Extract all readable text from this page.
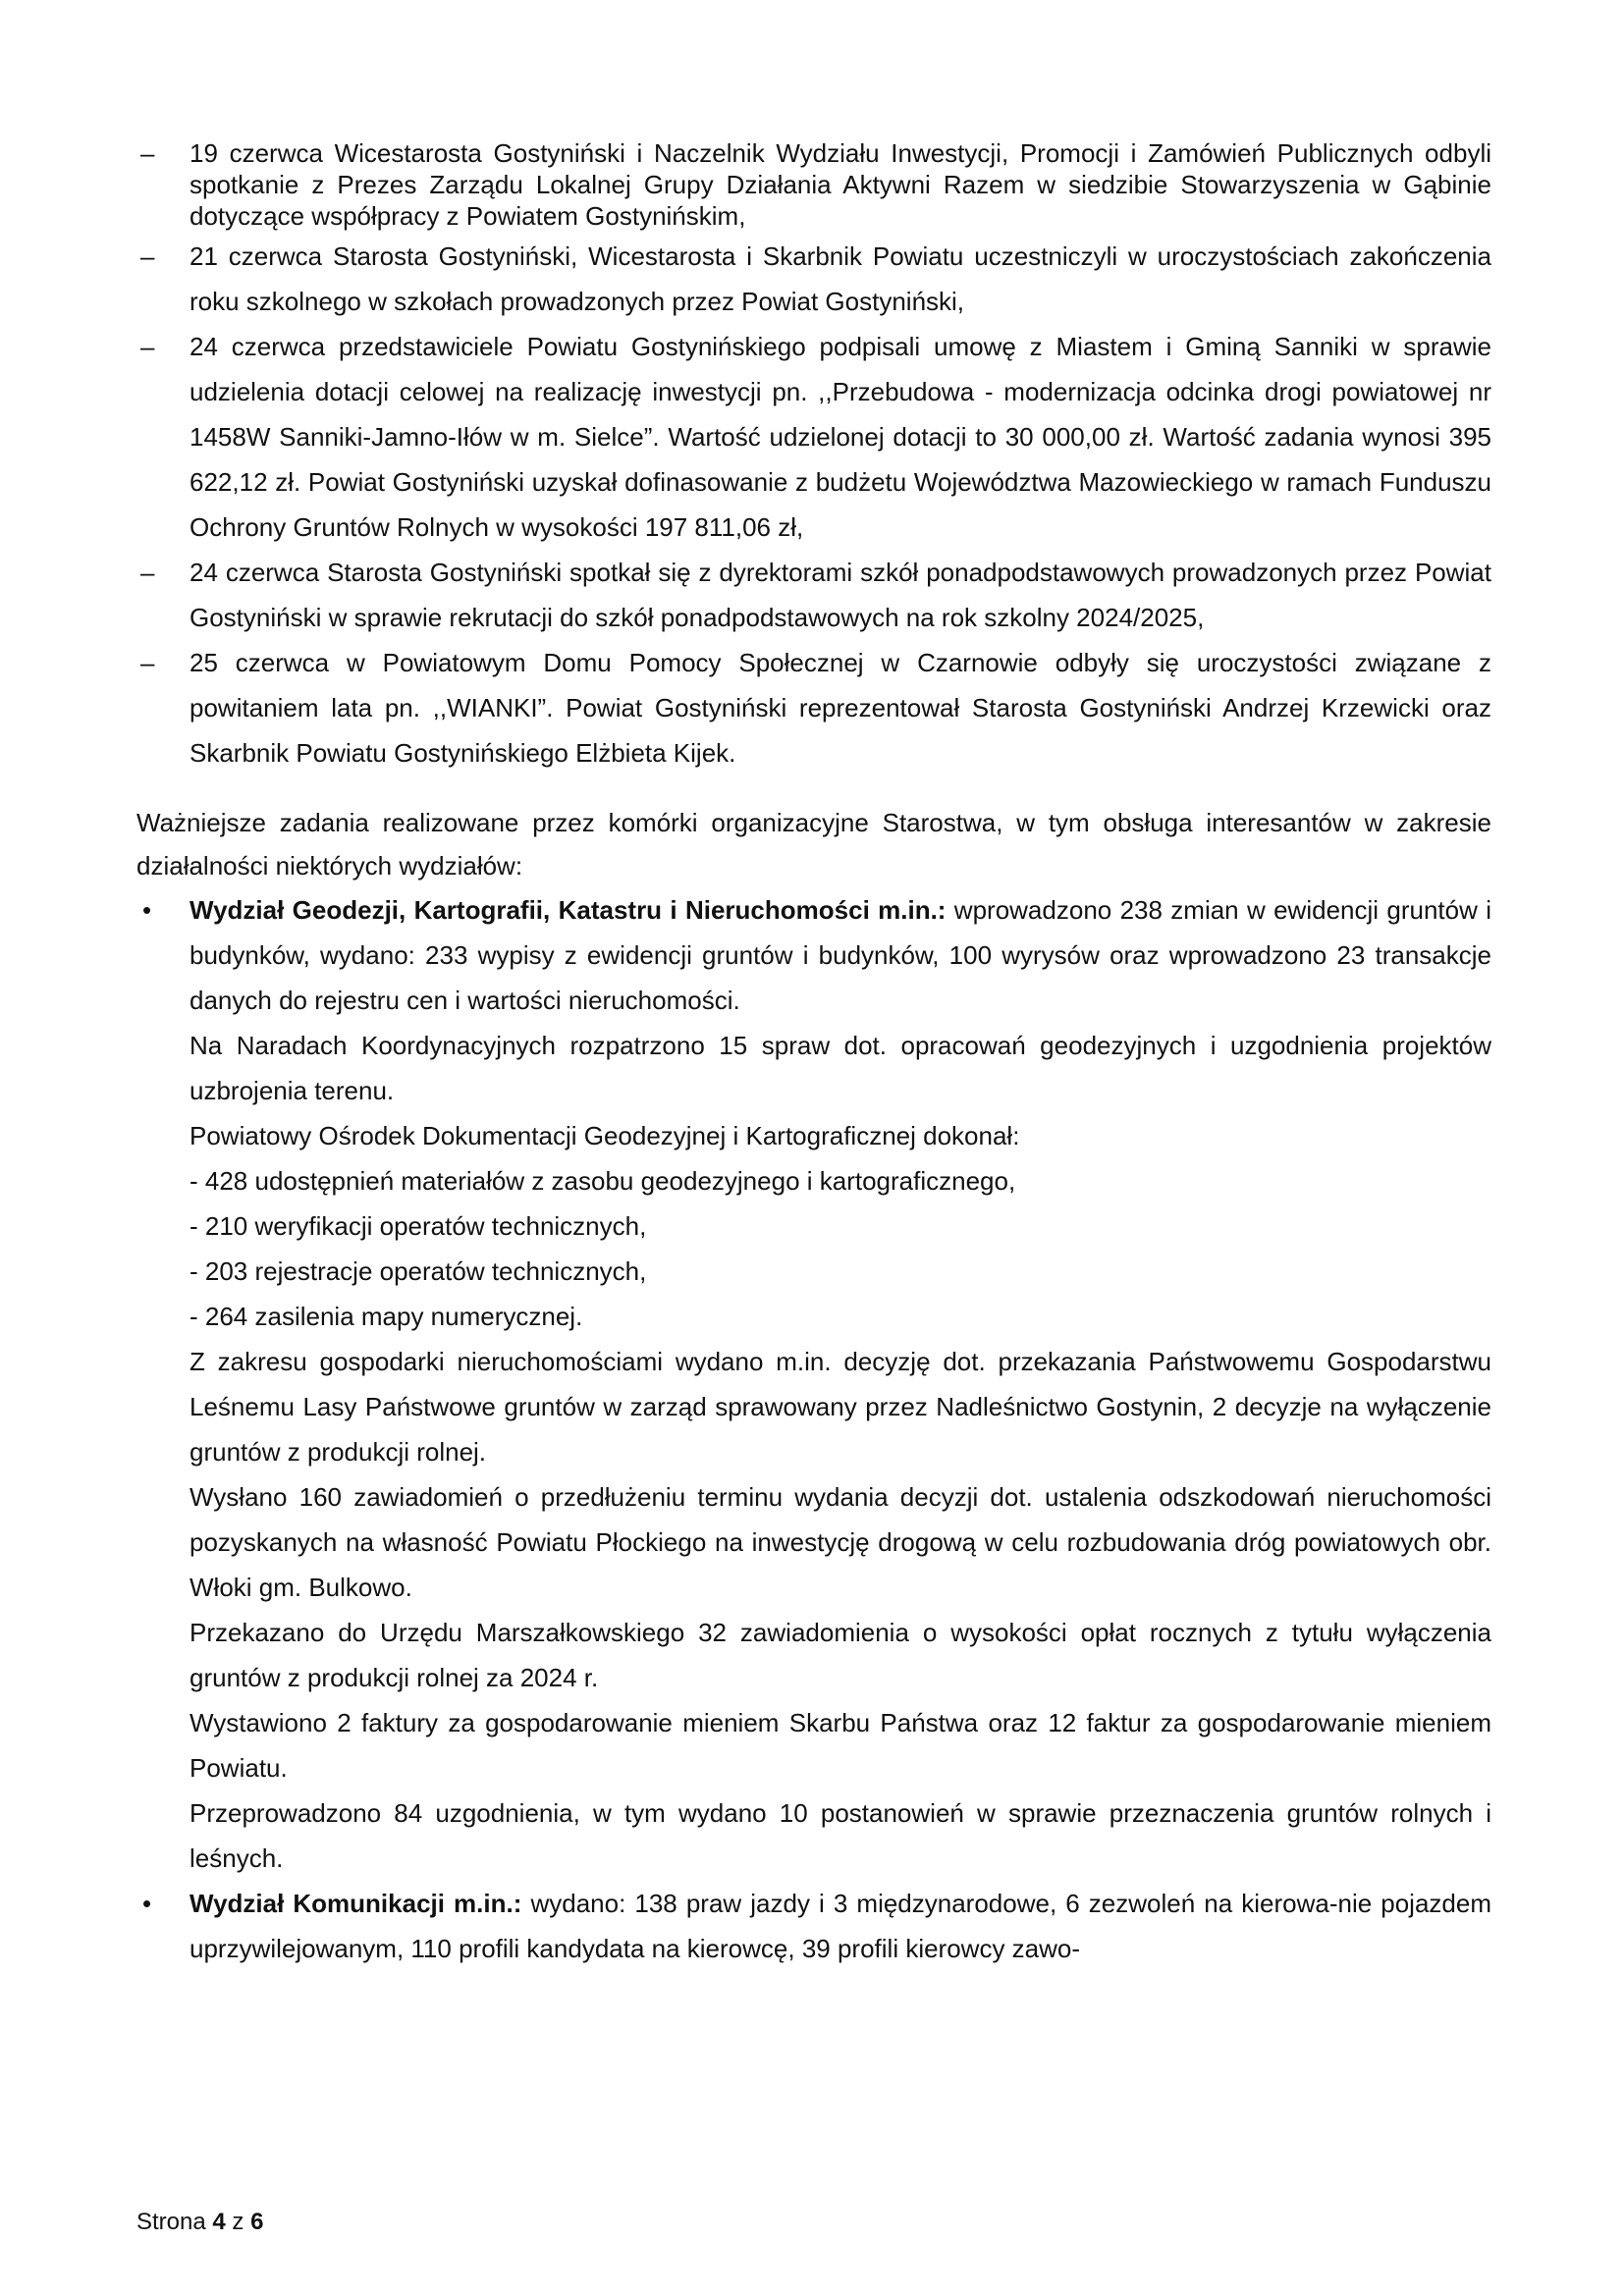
– 19 czerwca Wicestarosta Gostyniński i Naczelnik Wydziału Inwestycji, Promocji i Zamówień Publicznych odbyli spotkanie z Prezes Zarządu Lokalnej Grupy Działania Aktywni Razem w siedzibie Stowarzyszenia w Gąbinie dotyczące współpracy z Powiatem Gostynińskim,
– 21 czerwca Starosta Gostyniński, Wicestarosta i Skarbnik Powiatu uczestniczyli w uroczystościach zakończenia roku szkolnego w szkołach prowadzonych przez Powiat Gostyniński,
– 24 czerwca przedstawiciele Powiatu Gostynińskiego podpisali umowę z Miastem i Gminą Sanniki w sprawie udzielenia dotacji celowej na realizację inwestycji pn. ,,Przebudowa - modernizacja odcinka drogi powiatowej nr 1458W Sanniki-Jamno-Iłów w m. Sielce”. Wartość udzielonej dotacji to 30 000,00 zł. Wartość zadania wynosi 395 622,12 zł. Powiat Gostyniński uzyskał dofinasowanie z budżetu Województwa Mazowieckiego w ramach Funduszu Ochrony Gruntów Rolnych w wysokości 197 811,06 zł,
– 24 czerwca Starosta Gostyniński spotkał się z dyrektorami szkół ponadpodstawowych prowadzonych przez Powiat Gostyniński w sprawie rekrutacji do szkół ponadpodstawowych na rok szkolny 2024/2025,
– 25 czerwca w Powiatowym Domu Pomocy Społecznej w Czarnowie odbyły się uroczystości związane z powitaniem lata pn. ,,WIANKI”. Powiat Gostyniński reprezentował Starosta Gostyniński Andrzej Krzewicki oraz Skarbnik Powiatu Gostynińskiego Elżbieta Kijek.

Ważniejsze zadania realizowane przez komórki organizacyjne Starostwa, w tym obsługa interesantów w zakresie działalności niektórych wydziałów:

• Wydział Geodezji, Kartografii, Katastru i Nieruchomości m.in.: wprowadzono 238 zmian w ewidencji gruntów i budynków, wydano: 233 wypisy z ewidencji gruntów i budynków, 100 wyrysów oraz wprowadzono 23 transakcje danych do rejestru cen i wartości nieruchomości.

Na Naradach Koordynacyjnych rozpatrzono 15 spraw dot. opracowań geodezyjnych i uzgodnienia projektów uzbrojenia terenu.

Powiatowy Ośrodek Dokumentacji Geodezyjnej i Kartograficznej dokonał:

- 428 udostępnień materiałów z zasobu geodezyjnego i kartograficznego,

- 210 weryfikacji operatów technicznych,

- 203 rejestracje operatów technicznych,

- 264 zasilenia mapy numerycznej.

Z zakresu gospodarki nieruchomościami wydano m.in. decyzję dot. przekazania Państwowemu Gospodarstwu Leśnemu Lasy Państwowe gruntów w zarząd sprawowany przez Nadleśnictwo Gostynin, 2 decyzje na wyłączenie gruntów z produkcji rolnej.

Wysłano 160 zawiadomień o przedłużeniu terminu wydania decyzji dot. ustalenia odszkodowań nieruchomości pozyskanych na własność Powiatu Płockiego na inwestycję drogową w celu rozbudowania dróg powiatowych obr. Włoki gm. Bulkowo.

Przekazano do Urzędu Marszałkowskiego 32 zawiadomienia o wysokości opłat rocznych z tytułu wyłączenia gruntów z produkcji rolnej za 2024 r.

Wystawiono 2 faktury za gospodarowanie mieniem Skarbu Państwa oraz 12 faktur za gospodarowanie mieniem Powiatu.

Przeprowadzono 84 uzgodnienia, w tym wydano 10 postanowień w sprawie przeznaczenia gruntów rolnych i leśnych.

• Wydział Komunikacji m.in.: wydano: 138 praw jazdy i 3 międzynarodowe, 6 zezwoleń na kierowa-nie pojazdem uprzywilejowanym, 110 profili kandydata na kierowcę, 39 profili kierowcy zawo-

Strona 4 z 6
